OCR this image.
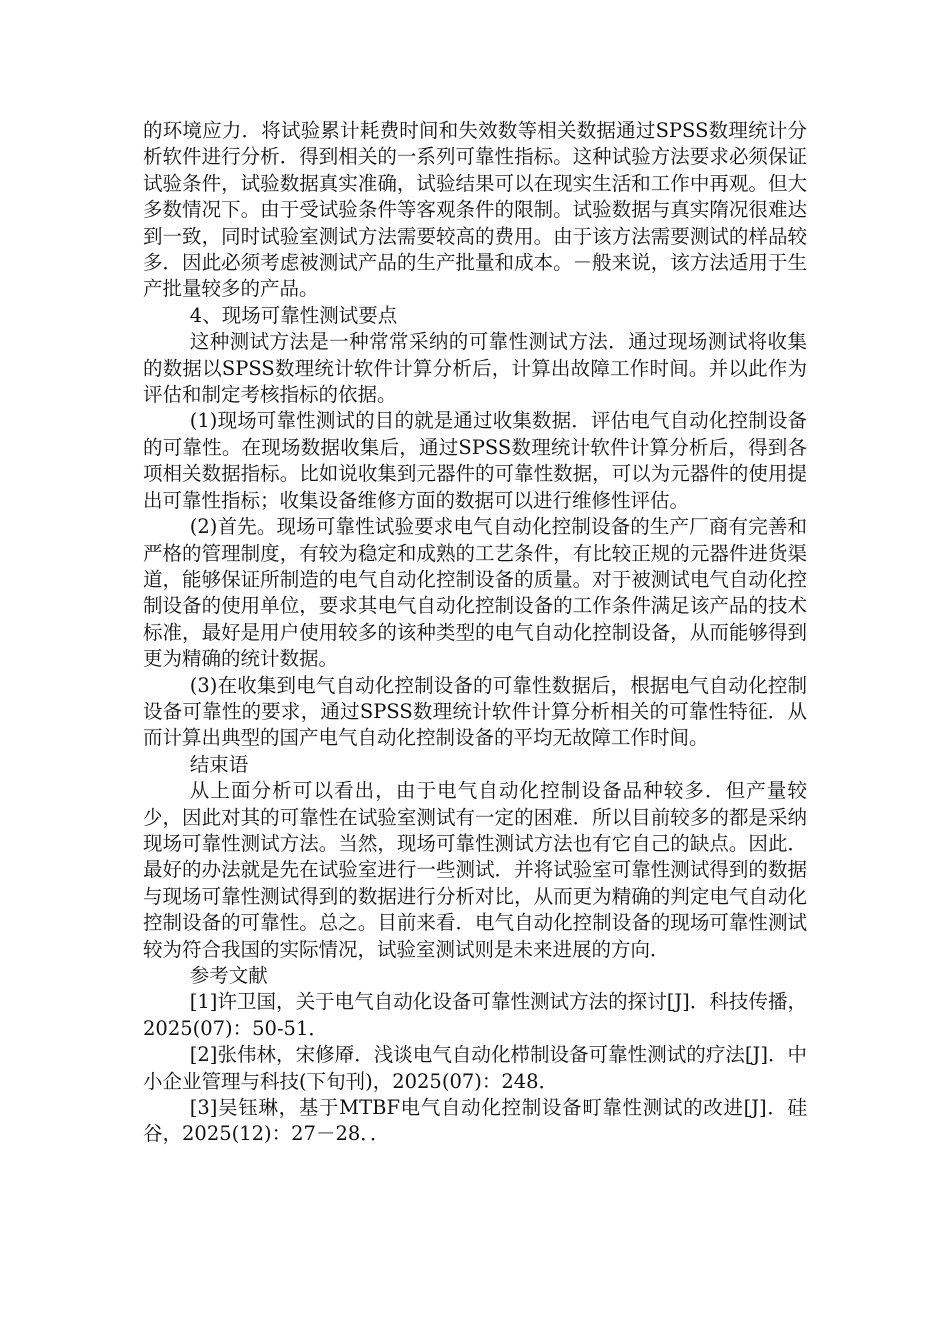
的环境应力．将试验累计耗费时间和失效数等相关数据通过SPSS数理统计分析软件进行分析．得到相关的一系列可靠性指标。这种试验方法要求必须保证试验条件，试验数据真实准确，试验结果可以在现实生活和工作中再观。但大多数情况下。由于受试验条件等客观条件的限制。试验数据与真实隋况很难达到一致，同时试验室测试方法需要较高的费用。由于该方法需要测试的样品较多．因此必须考虑被测试产品的生产批量和成本。－般来说，该方法适用于生产批量较多的产品。

4、现场可靠性测试要点

这种测试方法是一种常常采纳的可靠性测试方法．通过现场测试将收集的数据以SPSS数理统计软件计算分析后，计算出故障工作时间。并以此作为评估和制定考核指标的依据。

(1)现场可靠性测试的目的就是通过收集数据．评估电气自动化控制设备的可靠性。在现场数据收集后，通过SPSS数理统计软件计算分析后，得到各项相关数据指标。比如说收集到元器件的可靠性数据，可以为元器件的使用提出可靠性指标；收集设备维修方面的数据可以进行维修性评估。

(2)首先。现场可靠性试验要求电气自动化控制设备的生产厂商有完善和严格的管理制度，有较为稳定和成熟的工艺条件，有比较正规的元器件进货渠道，能够保证所制造的电气自动化控制设备的质量。对于被测试电气自动化控制设备的使用单位，要求其电气自动化控制设备的工作条件满足该产品的技术标准，最好是用户使用较多的该种类型的电气自动化控制设备，从而能够得到更为精确的统计数据。

(3)在收集到电气自动化控制设备的可靠性数据后，根据电气自动化控制设备可靠性的要求，通过SPSS数理统计软件计算分析相关的可靠性特征．从而计算出典型的国产电气自动化控制设备的平均无故障工作时间。

结束语

从上面分析可以看出，由于电气自动化控制设备品种较多．但产量较少，因此对其的可靠性在试验室测试有一定的困难．所以目前较多的都是采纳现场可靠性测试方法。当然，现场可靠性测试方法也有它自己的缺点。因此．最好的办法就是先在试验室进行一些测试．并将试验室可靠性测试得到的数据与现场可靠性测试得到的数据进行分析对比，从而更为精确的判定电气自动化控制设备的可靠性。总之。目前来看．电气自动化控制设备的现场可靠性测试较为符合我国的实际情况，试验室测试则是未来进展的方向．

参考文献

[1]许卫国，关于电气自动化设备可靠性测试方法的探讨[J]．科技传播，2025(07)：50-51．

[2]张伟林，宋修厣．浅谈电气自动化栉制设备可靠性测试的疗法[J]．中小企业管理与科技(下旬刊)，2025(07)：248．

[3]吴钰琳，基于MTBF电气自动化控制设备町靠性测试的改进[J]．硅谷，2025(12)：27－28．．
